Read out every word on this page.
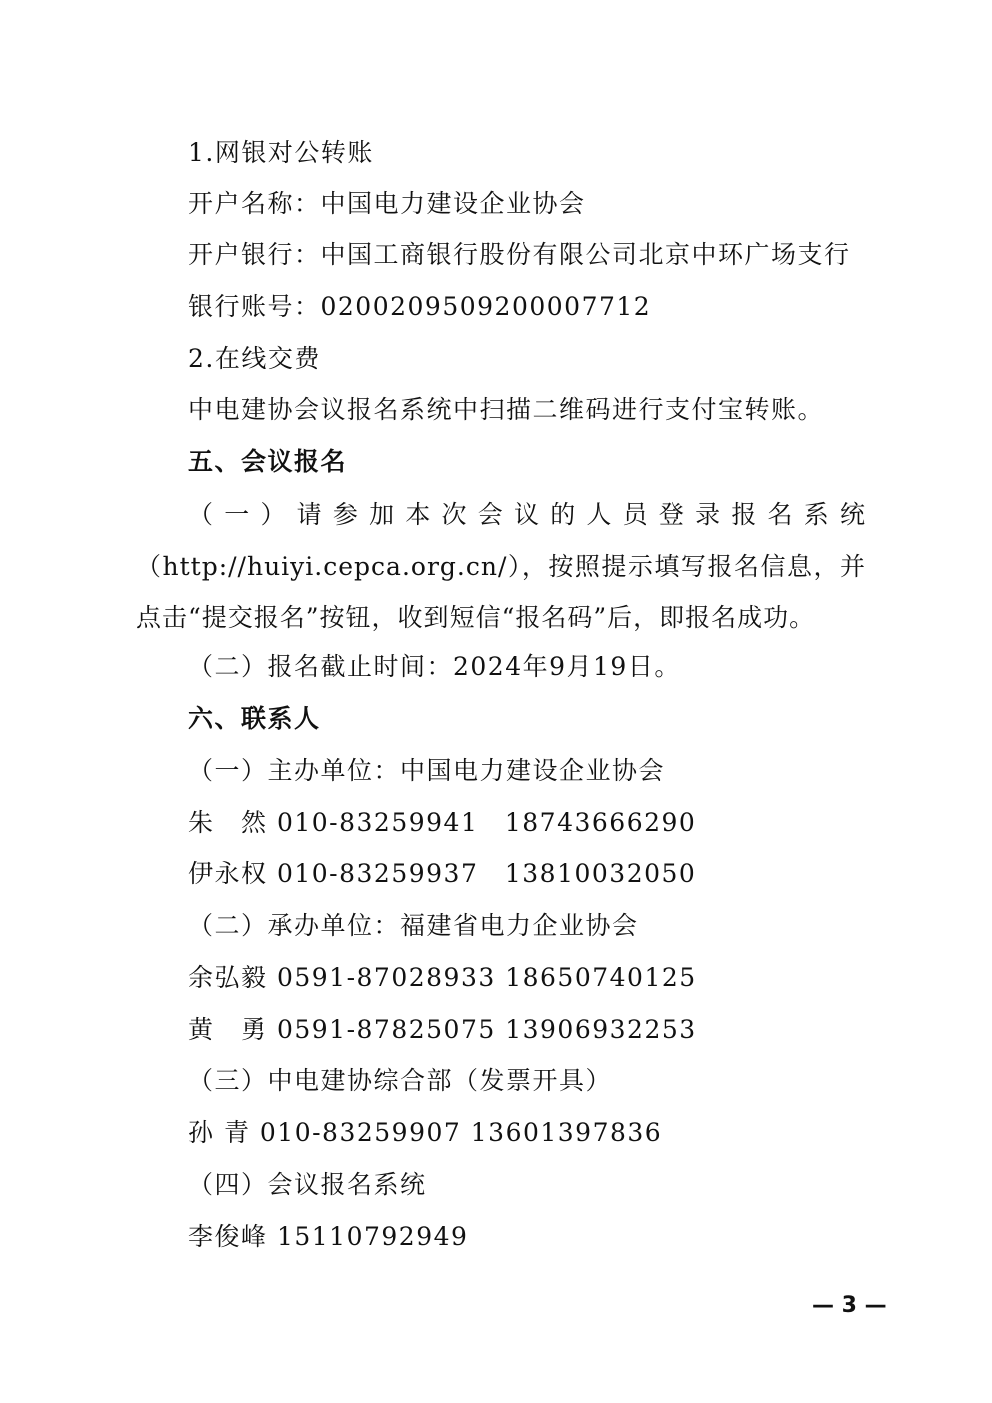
1.网银对公转账
开户名称：中国电力建设企业协会
开户银行：中国工商银行股份有限公司北京中环广场支行
银行账号：0200209509200007712
2.在线交费
中电建协会议报名系统中扫描二维码进行支付宝转账。
五、会议报名
（一）请参加本次会议的人员登录报名系统（http://huiyi.cepca.org.cn/），按照提示填写报名信息，并点击“提交报名”按钮，收到短信“报名码”后，即报名成功。
（二）报名截止时间：2024年9月19日。
六、联系人
（一）主办单位：中国电力建设企业协会
朱　然 010-83259941　18743666290
伊永权 010-83259937　13810032050
（二）承办单位：福建省电力企业协会
余弘毅 0591-87028933 18650740125
黄　勇 0591-87825075 13906932253
（三）中电建协综合部（发票开具）
孙 青 010-83259907 13601397836
（四）会议报名系统
李俊峰 15110792949
— 3 —
